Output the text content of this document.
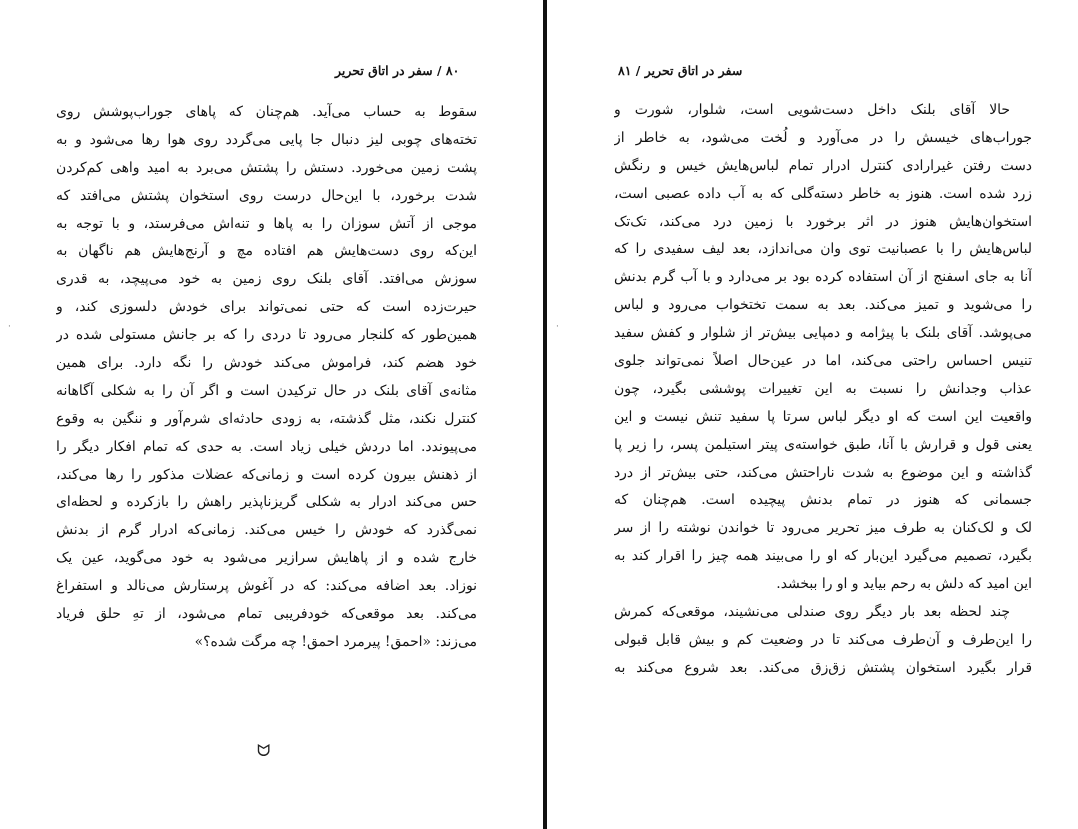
۸۰ / سفر در اتاق تحریر
سقوط به حساب می‌آید. هم‌چنان که پاهای جوراب‌پوشش روی
تخته‌های چوبی لیز دنبال جا پایی می‌گردد روی هوا رها می‌شود و به
پشت زمین می‌خورد. دستش را پشتش می‌برد به امید واهی کم‌کردن
شدت برخورد، با این‌حال درست روی استخوان پشتش می‌افتد که
موجی از آتش سوزان را به پاها و تنه‌اش می‌فرستد، و با توجه به
این‌که روی دست‌هایش هم افتاده مچ و آرنج‌هایش هم ناگهان به
سوزش می‌افتد. آقای بلنک روی زمین به خود می‌پیچد، به قدری
حیرت‌زده است که حتی نمی‌تواند برای خودش دلسوزی کند، و
همین‌طور که کلنجار می‌رود تا دردی را که بر جانش مستولی شده در
خود هضم کند، فراموش می‌کند خودش را نگه دارد. برای همین
مثانه‌ی آقای بلنک در حال ترکیدن است و اگر آن را به شکلی آگاهانه
کنترل نکند، مثل گذشته، به زودی حادثه‌ای شرم‌آور و ننگین به وقوع
می‌پیوندد. اما دردش خیلی زیاد است. به حدی که تمام افکار دیگر را
از ذهنش بیرون کرده است و زمانی‌که عضلات مذکور را رها می‌کند،
حس می‌کند ادرار به شکلی گریزناپذیر راهش را بازکرده و لحظه‌ای
نمی‌گذرد که خودش را خیس می‌کند. زمانی‌که ادرار گرم از بدنش
خارج شده و از پاهایش سرازیر می‌شود به خود می‌گوید، عین یک
نوزاد. بعد اضافه می‌کند: که در آغوش پرستارش می‌نالد و استفراغ
می‌کند. بعد موقعی‌که خودفریبی تمام می‌شود، از تهِ حلق فریاد
می‌زند: «احمق! پیرمرد احمق! چه مرگت شده؟»
ᗢ
·
سفر در اتاق تحریر / ۸۱
حالا آقای بلنک داخل دست‌شویی است، شلوار، شورت و
جوراب‌های خیسش را در می‌آورد و لُخت می‌شود، به خاطر از
دست رفتن غیرارادی کنترل ادرار تمام لباس‌هایش خیس و رنگش
زرد شده است. هنوز به خاطر دسته‌گلی که به آب داده عصبی است،
استخوان‌هایش هنوز در اثر برخورد با زمین درد می‌کند، تک‌تک
لباس‌هایش را با عصبانیت توی وان می‌اندازد، بعد لیف سفیدی را که
آنا به جای اسفنج از آن استفاده کرده بود بر می‌دارد و با آب گرم بدنش
را می‌شوید و تمیز می‌کند. بعد به سمت تختخواب می‌رود و لباس
می‌پوشد. آقای بلنک با پیژامه و دمپایی بیش‌تر از شلوار و کفش سفید
تنیس احساس راحتی می‌کند، اما در عین‌حال اصلاً نمی‌تواند جلوی
عذاب وجدانش را نسبت به این تغییرات پوششی بگیرد، چون
واقعیت این است که او دیگر لباس سرتا پا سفید تنش نیست و این
یعنی قول و قرارش با آنا، طبق خواسته‌ی پیتر استیلمن پسر، را زیر پا
گذاشته و این موضوع به شدت ناراحتش می‌کند، حتی بیش‌تر از درد
جسمانی که هنوز در تمام بدنش پیچیده است. هم‌چنان که
لک و لک‌کنان به طرف میز تحریر می‌رود تا خواندن نوشته را از سر
بگیرد، تصمیم می‌گیرد این‌بار که او را می‌بیند همه چیز را اقرار کند به
این امید که دلش به رحم بیاید و او را ببخشد.
چند لحظه بعد بار دیگر روی صندلی می‌نشیند، موقعی‌که کمرش
را این‌طرف و آن‌طرف می‌کند تا در وضعیت کم و بیش قابل قبولی
قرار بگیرد استخوان پشتش زق‌زق می‌کند. بعد شروع می‌کند به
·
